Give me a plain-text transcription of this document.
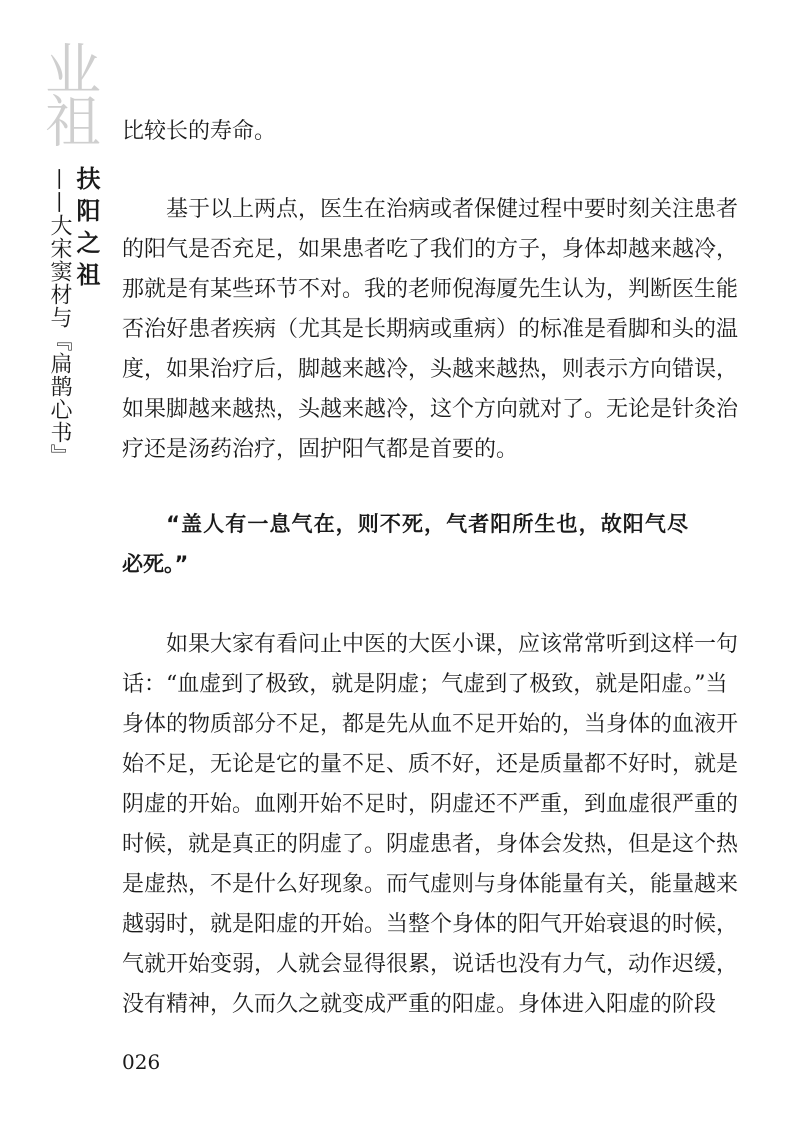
业祖
扶阳之祖
——大宋窦材与『扁鹊心书』
比较长的寿命。
　　基于以上两点，医生在治病或者保健过程中要时刻关注患者
的阳气是否充足，如果患者吃了我们的方子，身体却越来越冷，
那就是有某些环节不对。我的老师倪海厦先生认为，判断医生能
否治好患者疾病（尤其是长期病或重病）的标准是看脚和头的温
度，如果治疗后，脚越来越冷，头越来越热，则表示方向错误，
如果脚越来越热，头越来越冷，这个方向就对了。无论是针灸治
疗还是汤药治疗，固护阳气都是首要的。
　　“盖人有一息气在，则不死，气者阳所生也，故阳气尽
必死。”
　　如果大家有看问止中医的大医小课，应该常常听到这样一句
话：“血虚到了极致，就是阴虚；气虚到了极致，就是阳虚。”当
身体的物质部分不足，都是先从血不足开始的，当身体的血液开
始不足，无论是它的量不足、质不好，还是质量都不好时，就是
阴虚的开始。血刚开始不足时，阴虚还不严重，到血虚很严重的
时候，就是真正的阴虚了。阴虚患者，身体会发热，但是这个热
是虚热，不是什么好现象。而气虚则与身体能量有关，能量越来
越弱时，就是阳虚的开始。当整个身体的阳气开始衰退的时候，
气就开始变弱，人就会显得很累，说话也没有力气，动作迟缓，
没有精神，久而久之就变成严重的阳虚。身体进入阳虚的阶段
026
